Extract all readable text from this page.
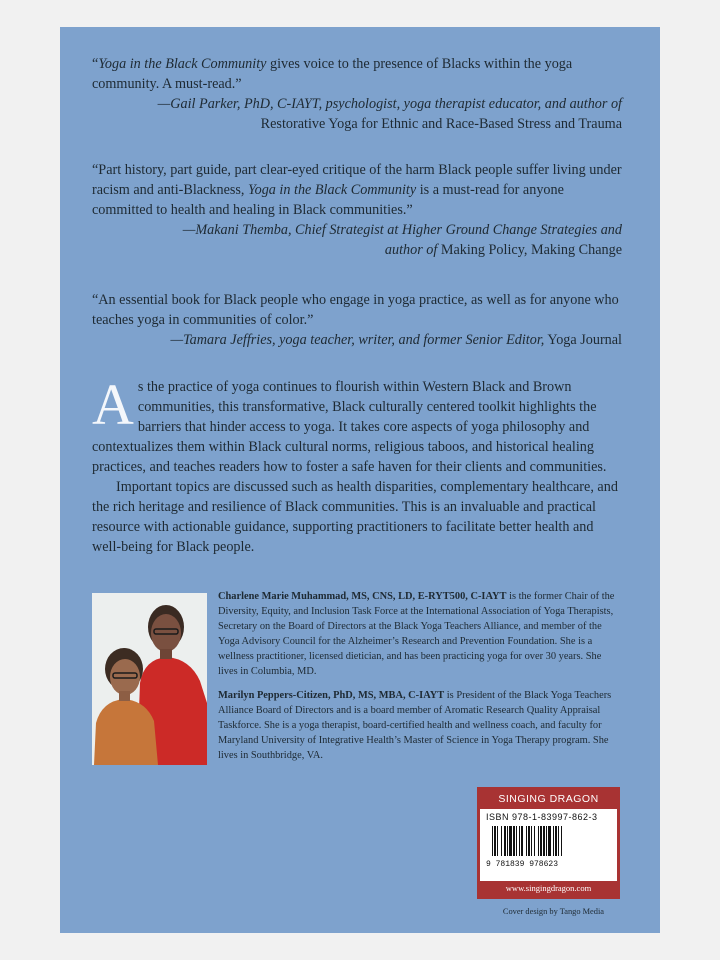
“Yoga in the Black Community gives voice to the presence of Blacks within the yoga community. A must-read.”

—Gail Parker, PhD, C-IAYT, psychologist, yoga therapist educator, and author of
Restorative Yoga for Ethnic and Race-Based Stress and Trauma

“Part history, part guide, part clear-eyed critique of the harm Black people suffer living under racism and anti-Blackness, Yoga in the Black Community is a must-read for anyone committed to health and healing in Black communities.”

—Makani Themba, Chief Strategist at Higher Ground Change Strategies and
author of Making Policy, Making Change

“An essential book for Black people who engage in yoga practice, as well as for anyone who teaches yoga in communities of color.”

—Tamara Jeffries, yoga teacher, writer, and former Senior Editor, Yoga Journal

As the practice of yoga continues to flourish within Western Black and Brown communities, this transformative, Black culturally centered toolkit highlights the barriers that hinder access to yoga. It takes core aspects of yoga philosophy and contextualizes them within Black cultural norms, religious taboos, and historical healing practices, and teaches readers how to foster a safe haven for their clients and communities.

Important topics are discussed such as health disparities, complementary healthcare, and the rich heritage and resilience of Black communities. This is an invaluable and practical resource with actionable guidance, supporting practitioners to facilitate better health and well-being for Black people.

Charlene Marie Muhammad, MS, CNS, LD, E-RYT500, C-IAYT is the former Chair of the Diversity, Equity, and Inclusion Task Force at the International Association of Yoga Therapists, Secretary on the Board of Directors at the Black Yoga Teachers Alliance, and member of the Yoga Advisory Council for the Alzheimer’s Research and Prevention Foundation. She is a wellness practitioner, licensed dietician, and has been practicing yoga for over 30 years. She lives in Columbia, MD.

Marilyn Peppers-Citizen, PhD, MS, MBA, C-IAYT is President of the Black Yoga Teachers Alliance Board of Directors and is a board member of Aromatic Research Quality Appraisal Taskforce. She is a yoga therapist, board-certified health and wellness coach, and faculty for Maryland University of Integrative Health’s Master of Science in Yoga Therapy program. She lives in Southbridge, VA.

SINGING DRAGON
ISBN 978-1-83997-862-3
9 781839 978623
www.singingdragon.com
Cover design by Tango Media
